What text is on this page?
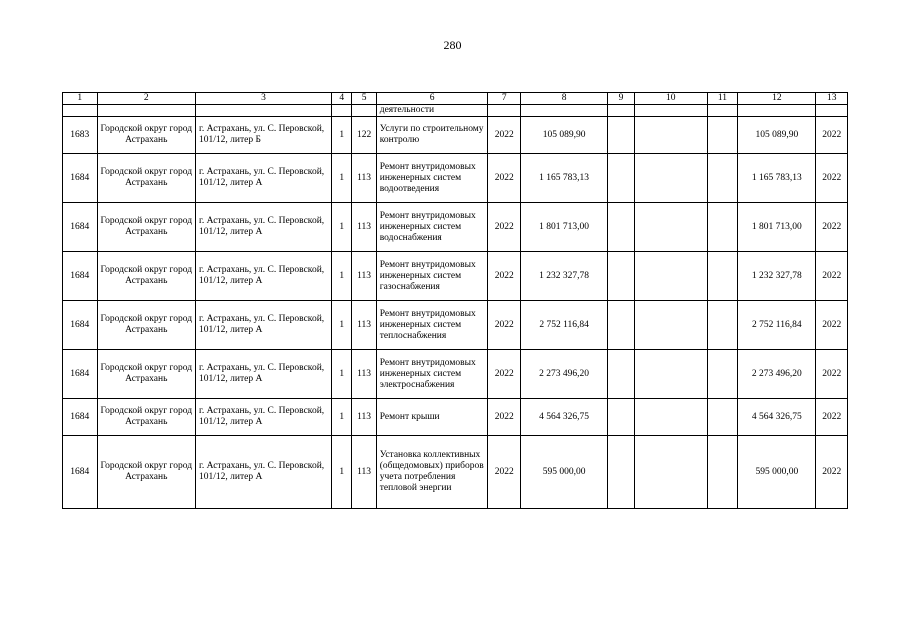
280
1	2	3	4	5	6	7	8	9	10	11	12	13
					деятельности							
1683	Городской округ город Астрахань	г. Астрахань, ул. С. Перовской, 101/12, литер Б	1	122	Услуги по строительному контролю	2022	105 089,90				105 089,90	2022
1684	Городской округ город Астрахань	г. Астрахань, ул. С. Перовской, 101/12, литер А	1	113	Ремонт внутридомовых инженерных систем водоотведения	2022	1 165 783,13				1 165 783,13	2022
1684	Городской округ город Астрахань	г. Астрахань, ул. С. Перовской, 101/12, литер А	1	113	Ремонт внутридомовых инженерных систем водоснабжения	2022	1 801 713,00				1 801 713,00	2022
1684	Городской округ город Астрахань	г. Астрахань, ул. С. Перовской, 101/12, литер А	1	113	Ремонт внутридомовых инженерных систем газоснабжения	2022	1 232 327,78				1 232 327,78	2022
1684	Городской округ город Астрахань	г. Астрахань, ул. С. Перовской, 101/12, литер А	1	113	Ремонт внутридомовых инженерных систем теплоснабжения	2022	2 752 116,84				2 752 116,84	2022
1684	Городской округ город Астрахань	г. Астрахань, ул. С. Перовской, 101/12, литер А	1	113	Ремонт внутридомовых инженерных систем электроснабжения	2022	2 273 496,20				2 273 496,20	2022
1684	Городской округ город Астрахань	г. Астрахань, ул. С. Перовской, 101/12, литер А	1	113	Ремонт крыши	2022	4 564 326,75				4 564 326,75	2022
1684	Городской округ город Астрахань	г. Астрахань, ул. С. Перовской, 101/12, литер А	1	113	Установка коллективных (общедомовых) приборов учета потребления тепловой энергии	2022	595 000,00				595 000,00	2022
